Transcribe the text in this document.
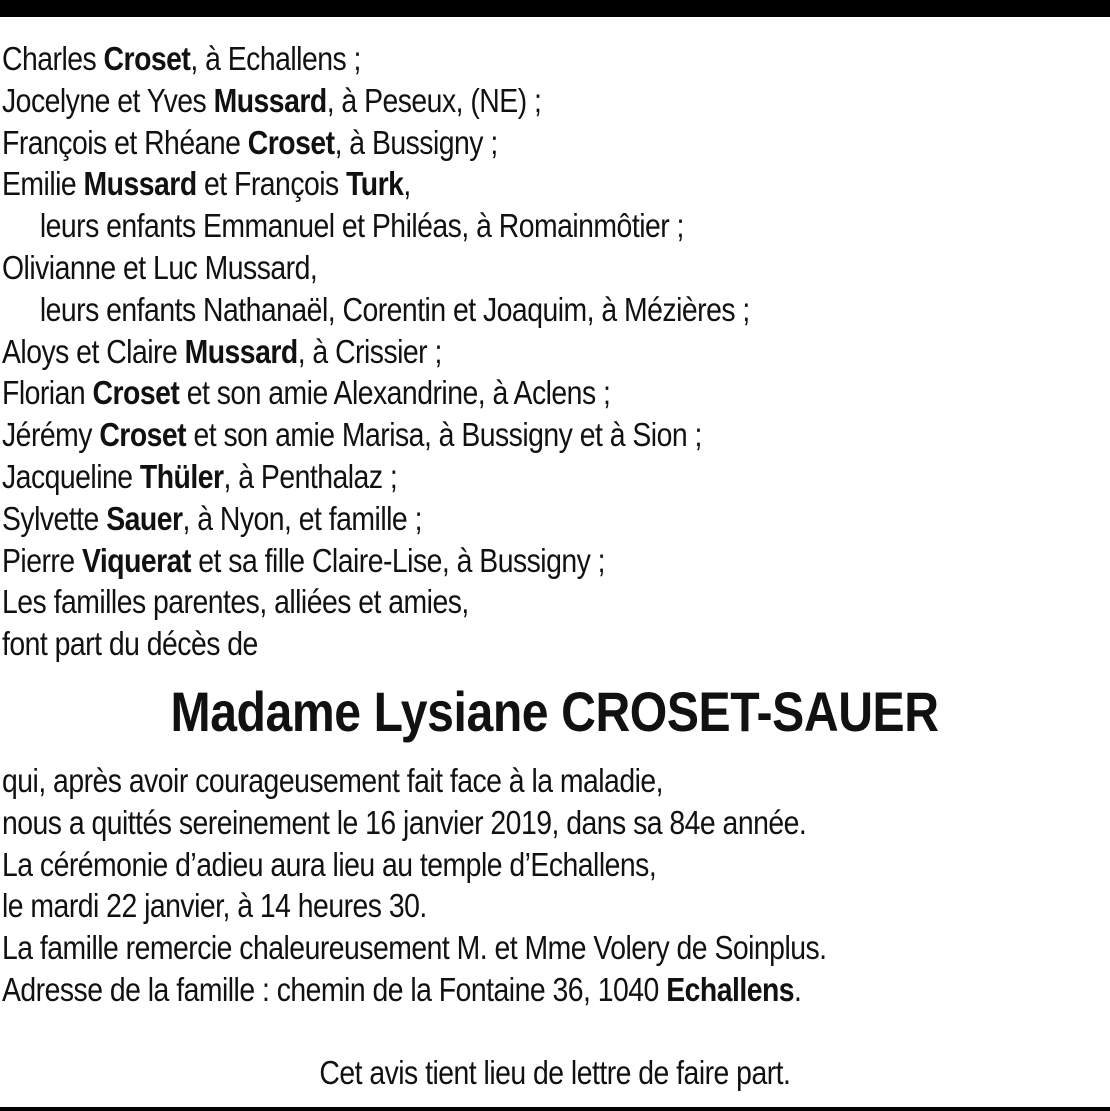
Charles Croset, à Echallens ;
Jocelyne et Yves Mussard, à Peseux, (NE) ;
François et Rhéane Croset, à Bussigny ;
Emilie Mussard et François Turk,
leurs enfants Emmanuel et Philéas, à Romainmôtier ;
Olivianne et Luc Mussard,
leurs enfants Nathanaël, Corentin et Joaquim, à Mézières ;
Aloys et Claire Mussard, à Crissier ;
Florian Croset et son amie Alexandrine, à Aclens ;
Jérémy Croset et son amie Marisa, à Bussigny et à Sion ;
Jacqueline Thüler, à Penthalaz ;
Sylvette Sauer, à Nyon, et famille ;
Pierre Viquerat et sa fille Claire-Lise, à Bussigny ;
Les familles parentes, alliées et amies,
font part du décès de
Madame Lysiane CROSET-SAUER
qui, après avoir courageusement fait face à la maladie,
nous a quittés sereinement le 16 janvier 2019, dans sa 84e année.
La cérémonie d’adieu aura lieu au temple d’Echallens,
le mardi 22 janvier, à 14 heures 30.
La famille remercie chaleureusement M. et Mme Volery de Soinplus.
Adresse de la famille : chemin de la Fontaine 36, 1040 Echallens.
Cet avis tient lieu de lettre de faire part.
